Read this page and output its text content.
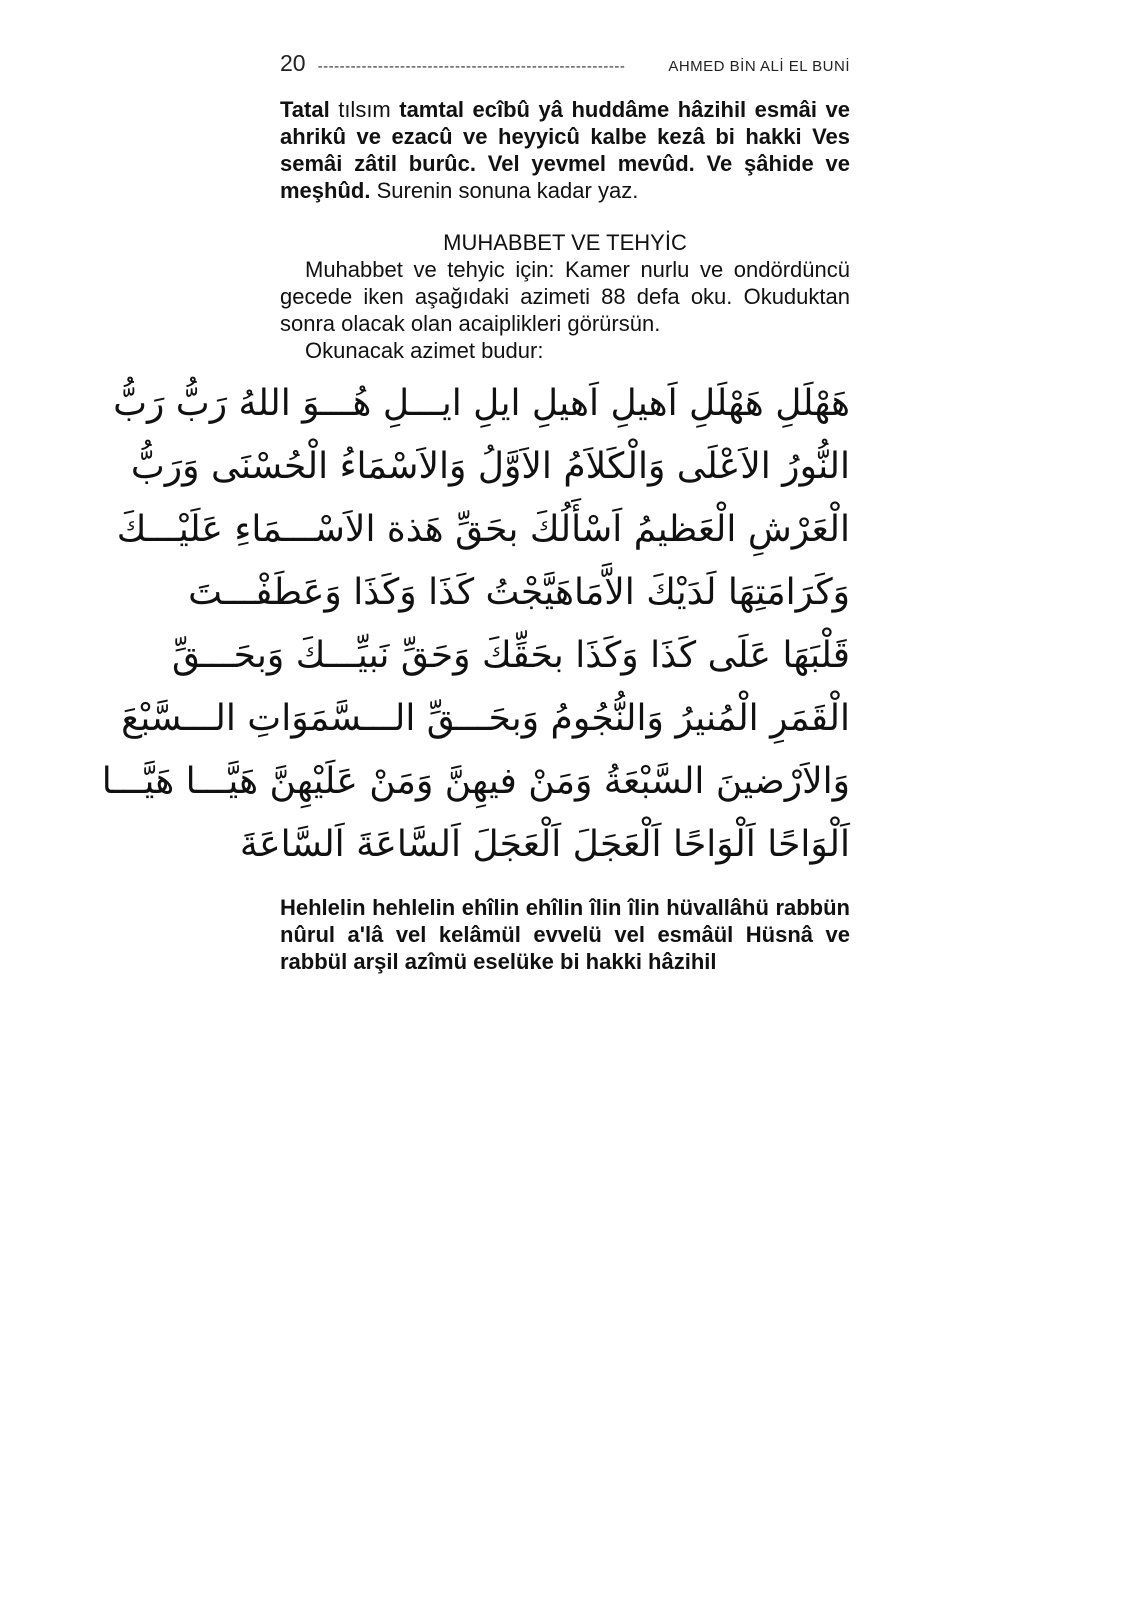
20 --------------------------------------------------------	AHMED BİN ALİ EL BUNİ

Tatal tılsım tamtal ecîbû yâ huddâme hâzihil esmâi ve ahrikû ve ezacû ve heyyicû kalbe kezâ bi hakki Ves semâi zâtil burûc. Vel yevmel mevûd. Ve şâhide ve meşhûd. Surenin sonuna kadar yaz.

MUHABBET VE TEHYİC

Muhabbet ve tehyic için: Kamer nurlu ve ondördüncü gecede iken aşağıdaki azimeti 88 defa oku. Okuduktan sonra olacak olan acaiplikleri görürsün.

Okunacak azimet budur:

هَهْلَلِ هَهْلَلِ اَهيلِ اَهيلِ ايلِ ايـــلِ هُـــوَ اللهُ رَبُّ رَبُّ
النُّورُ الاَعْلَى وَالْكَلاَمُ الاَوَّلُ وَالاَسْمَاءُ الْحُسْنَى وَرَبُّ
الْعَرْشِ الْعَظيمُ اَسْأَلُكَ بحَقِّ هَذة الاَسْـــمَاءِ عَلَيْـــكَ
وَكَرَامَتِهَا لَدَيْكَ الاَّمَاهَيَّجْتُ كَذَا وَكَذَا وَعَطَفْـــتَ
قَلْبَهَا عَلَى كَذَا وَكَذَا بحَقِّكَ وَحَقِّ نَبيِّـــكَ وَبحَـــقِّ
الْقَمَرِ الْمُنيرُ وَالنُّجُومُ وَبحَـــقِّ الـــسَّمَوَاتِ الـــسَّبْعَ
وَالاَرْضينَ السَّبْعَةُ وَمَنْ فيهِنَّ وَمَنْ عَلَيْهِنَّ هَيَّـــا هَيَّـــا
اَلْوَاحًا اَلْوَاحًا اَلْعَجَلَ اَلْعَجَلَ اَلسَّاعَةَ اَلسَّاعَةَ

Hehlelin hehlelin ehîlin ehîlin îlin îlin hüvallâhü rabbün nûrul a'lâ vel kelâmül evvelü vel esmâül Hüsnâ ve rabbül arşil azîmü eselüke bi hakki hâzihil
